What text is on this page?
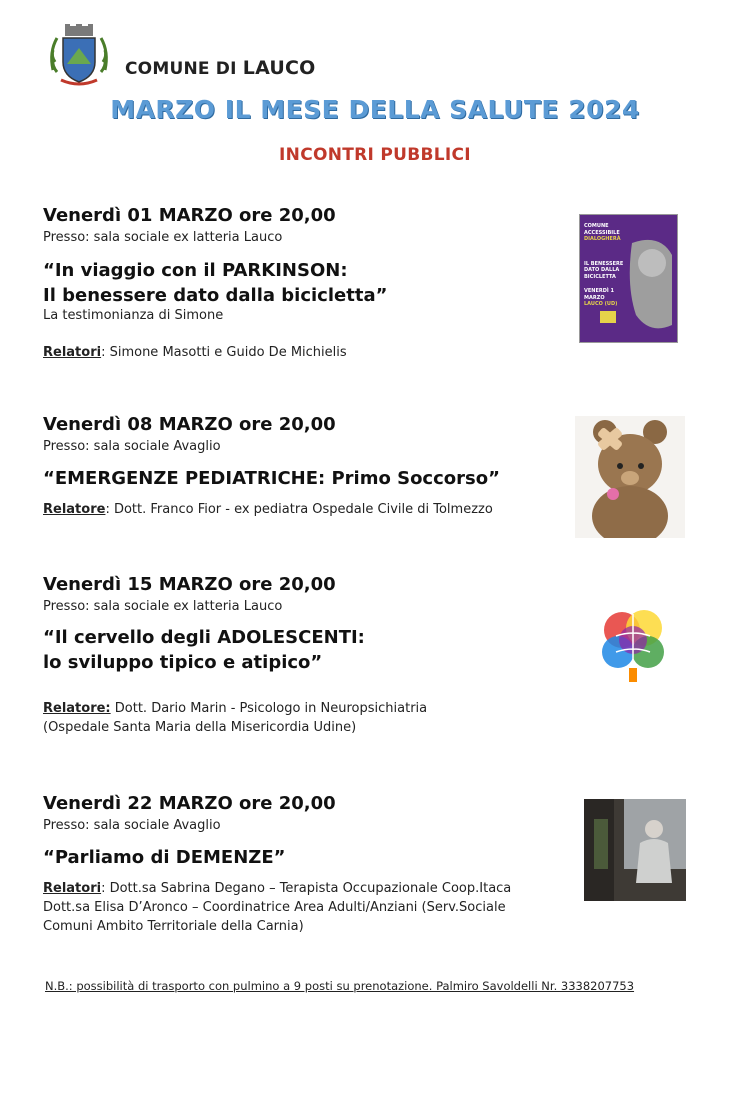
COMUNE DI LAUCO
MARZO IL MESE DELLA SALUTE 2024
INCONTRI PUBBLICI
Venerdì 01 MARZO ore 20,00
Presso: sala sociale ex latteria Lauco
“In viaggio con il PARKINSON:
Il benessere dato dalla bicicletta”
La testimonianza di Simone
Relatori: Simone Masotti e Guido De Michielis
COMUNE ACCESSIBILE
DIALOGHERÀ
IL BENESSERE
DATO DALLA BICICLETTA
VENERDÌ 1 MARZO
LAUCO (UD)
Venerdì 08 MARZO ore 20,00
Presso: sala sociale Avaglio
“EMERGENZE PEDIATRICHE: Primo Soccorso”
Relatore: Dott. Franco Fior - ex pediatra Ospedale Civile di Tolmezzo
Venerdì 15 MARZO ore 20,00
Presso: sala sociale ex latteria Lauco
“Il cervello degli ADOLESCENTI:
lo sviluppo tipico e atipico”
Relatore: Dott. Dario Marin - Psicologo in Neuropsichiatria
(Ospedale Santa Maria della Misericordia Udine)
Venerdì 22 MARZO ore 20,00
Presso: sala sociale Avaglio
“Parliamo di DEMENZE”
Relatori: Dott.sa Sabrina Degano – Terapista Occupazionale Coop.Itaca
Dott.sa Elisa D’Aronco – Coordinatrice Area Adulti/Anziani (Serv.Sociale
Comuni Ambito Territoriale della Carnia)
N.B.: possibilità di trasporto con pulmino a 9 posti su prenotazione. Palmiro Savoldelli Nr. 3338207753
